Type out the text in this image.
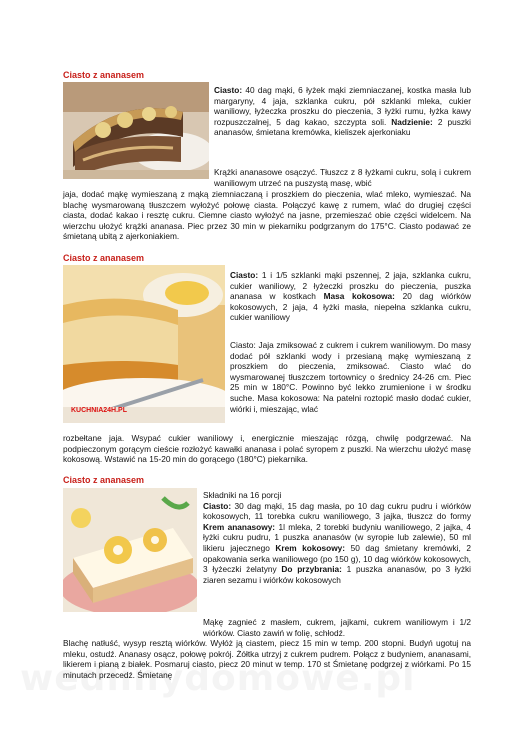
Ciasto z ananasem

Ciasto: 40 dag mąki, 6 łyżek mąki ziemniaczanej, kostka masła lub margaryny, 4 jaja, szklanka cukru, pół szklanki mleka, cukier waniliowy, łyżeczka proszku do pieczenia, 3 łyżki rumu, łyżka kawy rozpuszczalnej, 5 dag kakao, szczypta soli. Nadzienie: 2 puszki ananasów, śmietana kremówka, kieliszek ajerkoniaku

Krążki ananasowe osączyć. Tłuszcz z 8 łyżkami cukru, solą i cukrem waniliowym utrzeć na puszystą masę, wbić

jaja, dodać mąkę wymieszaną z mąką ziemniaczaną i proszkiem do pieczenia, wlać mleko, wymieszać. Na blachę wysmarowaną tłuszczem wyłożyć połowę ciasta. Połączyć kawę z rumem, wlać do drugiej części ciasta, dodać kakao i resztę cukru. Ciemne ciasto wyłożyć na jasne, przemieszać obie części widelcem. Na wierzchu ułożyć krążki ananasa. Piec przez 30 min w piekarniku podgrzanym do 175°C. Ciasto podawać ze śmietaną ubitą z ajerkoniakiem.

Ciasto z ananasem
KUCHNIA24H.PL

Ciasto: 1 i 1/5 szklanki mąki pszennej, 2 jaja, szklanka cukru, cukier waniliowy, 2 łyżeczki proszku do pieczenia, puszka ananasa w kostkach Masa kokosowa: 20 dag wiórków kokosowych, 2 jaja, 4 łyżki masła, niepełna szklanka cukru, cukier waniliowy

Ciasto: Jaja zmiksować z cukrem i cukrem waniliowym. Do masy dodać pół szklanki wody i przesianą mąkę wymieszaną z proszkiem do pieczenia, zmiksować. Ciasto wlać do wysmarowanej tłuszczem tortownicy o średnicy 24-26 cm. Piec 25 min w 180°C. Powinno być lekko zrumienione i w środku suche. Masa kokosowa: Na patelni roztopić masło dodać cukier, wiórki i, mieszając, wlać

rozbełtane jaja. Wsypać cukier waniliowy i, energicznie mieszając rózgą, chwilę podgrzewać. Na podpieczonym gorącym cieście rozłożyć kawałki ananasa i polać syropem z puszki. Na wierzchu ułożyć masę kokosową. Wstawić na 15-20 min do gorącego (180°C) piekarnika.

Ciasto z ananasem

Składniki na 16 porcji

Ciasto: 30 dag mąki, 15 dag masła, po 10 dag cukru pudru i wiórków kokosowych, 11 torebka cukru waniliowego, 3 jajka, tłuszcz do formy Krem ananasowy: 1l mleka, 2 torebki budyniu waniliowego, 2 jajka, 4 łyżki cukru pudru, 1 puszka ananasów (w syropie lub zalewie), 50 ml likieru jajecznego Krem kokosowy: 50 dag śmietany kremówki, 2 opakowania serka waniliowego (po 150 g), 10 dag wiórków kokosowych, 3 łyżeczki żelatyny Do przybrania: 1 puszka ananasów, po 3 łyżki ziaren sezamu i wiórków kokosowych

Mąkę zagnieć z masłem, cukrem, jajkami, cukrem waniliowym i 1/2 wiórków. Ciasto zawiń w folię, schłodź.

Blachę natłuść, wysyp resztą wiórków. Wyłóż ją ciastem, piecz 15 min w temp. 200 stopni. Budyń ugotuj na mleku, ostudź. Ananasy osącz, połowę pokrój. Żółtka utrzyj z cukrem pudrem. Połącz z budyniem, ananasami, likierem i pianą z białek. Posmaruj ciasto, piecz 20 minut w temp. 170 st Śmietanę podgrzej z wiórkami. Po 15 minutach przecedź. Śmietanę
